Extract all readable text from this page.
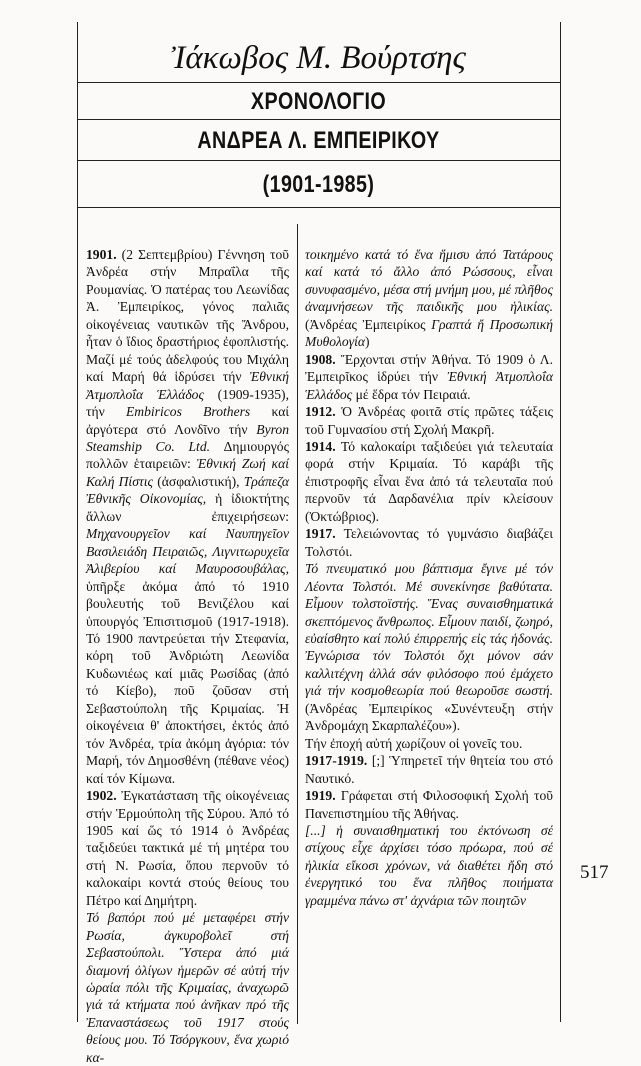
Ἰάκωβος Μ. Βούρτσης
ΧΡΟΝΟΛΟΓΙΟ
ΑΝΔΡΕΑ Λ. ΕΜΠΕΙΡΙΚΟΥ
(1901-1985)

1901. (2 Σεπτεμβρίου) Γέννηση τοῦ Ἀνδρέα στήν Μπραΐλα τῆς Ρουμανίας. Ὁ πατέρας του Λεωνίδας Ἀ. Ἐμπειρίκος, γόνος παλιᾶς οἰκογένειας ναυτικῶν τῆς Ἄνδρου, ἦταν ὁ ἴδιος δραστήριος ἐφοπλιστής. Μαζί μέ τούς ἀδελφούς του Μιχάλη καί Μαρή θά ἱδρύσει τήν Ἐθνική Ἀτμοπλοΐα Ἑλλάδος (1909-1935), τήν Embiricos Brothers καί ἀργότερα στό Λονδῖνο τήν Byron Steamship Co. Ltd. Δημιουργός πολλῶν ἑταιρειῶν: Ἐθνική Ζωή καί Καλή Πίστις (ἀσφαλιστική), Τράπεζα Ἐθνικῆς Οἰκονομίας, ἡ ἰδιοκτήτης ἄλλων ἐπιχειρήσεων: Μηχανουργεῖον καί Ναυπηγεῖον Βασιλειάδη Πειραιῶς, Λιγνιτωρυχεῖα Ἀλιβερίου καί Μαυροσουβάλας, ὑπῆρξε ἀκόμα ἀπό τό 1910 βουλευτής τοῦ Βενιζέλου καί ὑπουργός Ἐπισιτισμοῦ (1917-1918). Τό 1900 παντρεύεται τήν Στεφανία, κόρη τοῦ Ἀνδριώτη Λεωνίδα Κυδωνιέως καί μιᾶς Ρωσίδας (ἀπό τό Κίεβο), ποῦ ζοῦσαν στή Σεβαστούπολη τῆς Κριμαίας. Ἡ οἰκογένεια θ' ἀποκτήσει, ἐκτός ἀπό τόν Ἀνδρέα, τρία ἀκόμη ἀγόρια: τόν Μαρή, τόν Δημοσθένη (πέθανε νέος) καί τόν Κίμωνα.

1902. Ἐγκατάσταση τῆς οἰκογένειας στήν Ἑρμούπολη τῆς Σύρου. Ἀπό τό 1905 καί ὥς τό 1914 ὁ Ἀνδρέας ταξιδεύει τακτικά μέ τή μητέρα του στή Ν. Ρωσία, ὅπου περνοῦν τό καλοκαίρι κοντά στούς θείους του Πέτρο καί Δημήτρη.

Τό βαπόρι πού μέ μεταφέρει στήν Ρωσία, ἀγκυροβολεῖ στή Σεβαστούπολι. Ὕστερα ἀπό μιά διαμονή ὀλίγων ἡμερῶν σέ αὐτή τήν ὡραία πόλι τῆς Κριμαίας, ἀναχωρῶ γιά τά κτήματα πού ἀνῆκαν πρό τῆς Ἐπαναστάσεως τοῦ 1917 στούς θείους μου. Τό Τσόργκουν, ἕνα χωριό κα-

τοικημένο κατά τό ἕνα ἥμισυ ἀπό Τατάρους καί κατά τό ἄλλο ἀπό Ρώσσους, εἶναι συνυφασμένο, μέσα στή μνήμη μου, μέ πλῆθος ἀναμνήσεων τῆς παιδικῆς μου ἡλικίας. (Ἀνδρέας Ἐμπειρίκος Γραπτά ἤ Προσωπική Μυθολογία)

1908. Ἔρχονται στήν Ἀθήνα. Τό 1909 ὁ Λ. Ἐμπειρῖκος ἱδρύει τήν Ἐθνική Ἀτμοπλοΐα Ἑλλάδος μέ ἕδρα τόν Πειραιά.

1912. Ὁ Ἀνδρέας φοιτᾶ στίς πρῶτες τάξεις τοῦ Γυμνασίου στή Σχολή Μακρῆ.

1914. Τό καλοκαίρι ταξιδεύει γιά τελευταία φορά στήν Κριμαία. Τό καράβι τῆς ἐπιστροφῆς εἶναι ἕνα ἀπό τά τελευταῖα πού περνοῦν τά Δαρδανέλια πρίν κλείσουν (Ὀκτώβριος).

1917. Τελειώνοντας τό γυμνάσιο διαβάζει Τολστόι.

Τό πνευματικό μου βάπτισμα ἔγινε μέ τόν Λέοντα Τολστόι. Μέ συνεκίνησε βαθύτατα. Εἶμουν τολστοϊστής. Ἕνας συναισθηματικά σκεπτόμενος ἄνθρωπος. Εἶμουν παιδί, ζωηρό, εὐαίσθητο καί πολύ ἐπιρρεπής εἰς τάς ἡδονάς. Ἐγνώρισα τόν Τολστόι ὄχι μόνον σάν καλλιτέχνη ἀλλά σάν φιλόσοφο πού ἐμάχετο γιά τήν κοσμοθεωρία πού θεωροῦσε σωστή. (Ἀνδρέας Ἐμπειρίκος «Συνέντευξη στήν Ἀνδρομάχη Σκαρπαλέζου»).

Τήν ἐποχή αὐτή χωρίζουν οἱ γονεῖς του.

1917-1919. [;] Ὑπηρετεῖ τήν θητεία του στό Ναυτικό.

1919. Γράφεται στή Φιλοσοφική Σχολή τοῦ Πανεπιστημίου τῆς Ἀθήνας.

[...] ἡ συναισθηματική του ἐκτόνωση σέ στίχους εἶχε ἀρχίσει τόσο πρόωρα, πού σέ ἡλικία εἴκοσι χρόνων, νά διαθέτει ἤδη στό ἐνεργητικό του ἕνα πλῆθος ποιήματα γραμμένα πάνω στ' ἀχνάρια τῶν ποιητῶν

517
